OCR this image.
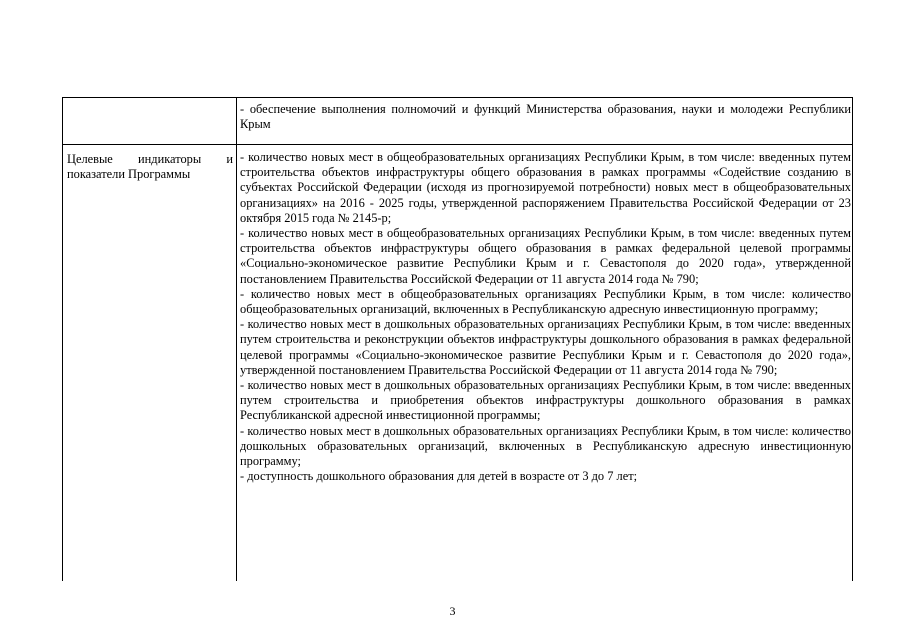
- обеспечение выполнения полномочий и функций Министерства образования, науки и молодежи Республики Крым

Целевые индикаторы и
показатели Программы

- количество новых мест в общеобразовательных организациях Республики Крым, в том числе: введенных путем строительства объектов инфраструктуры общего образования в рамках программы «Содействие созданию в субъектах Российской Федерации (исходя из прогнозируемой потребности) новых мест в общеобразовательных организациях» на 2016 - 2025 годы, утвержденной распоряжением Правительства Российской Федерации от 23 октября 2015 года № 2145-р;

- количество новых мест в общеобразовательных организациях Республики Крым, в том числе: введенных путем строительства объектов инфраструктуры общего образования в рамках федеральной целевой программы «Социально-экономическое развитие Республики Крым и г. Севастополя до 2020 года», утвержденной постановлением Правительства Российской Федерации от 11 августа 2014 года № 790;

- количество новых мест в общеобразовательных организациях Республики Крым, в том числе: количество общеобразовательных организаций, включенных в Республиканскую адресную инвестиционную программу;

- количество новых мест в дошкольных образовательных организациях Республики Крым, в том числе: введенных путем строительства и реконструкции объектов инфраструктуры дошкольного образования в рамках федеральной целевой программы «Социально-экономическое развитие Республики Крым и г. Севастополя до 2020 года», утвержденной постановлением Правительства Российской Федерации от 11 августа 2014 года № 790;

- количество новых мест в дошкольных образовательных организациях Республики Крым, в том числе: введенных путем строительства и приобретения объектов инфраструктуры дошкольного образования в рамках Республиканской адресной инвестиционной программы;

- количество новых мест в дошкольных образовательных организациях Республики Крым, в том числе: количество дошкольных образовательных организаций, включенных в Республиканскую адресную инвестиционную программу;

- доступность дошкольного образования для детей в возрасте от 3 до 7 лет;

3
